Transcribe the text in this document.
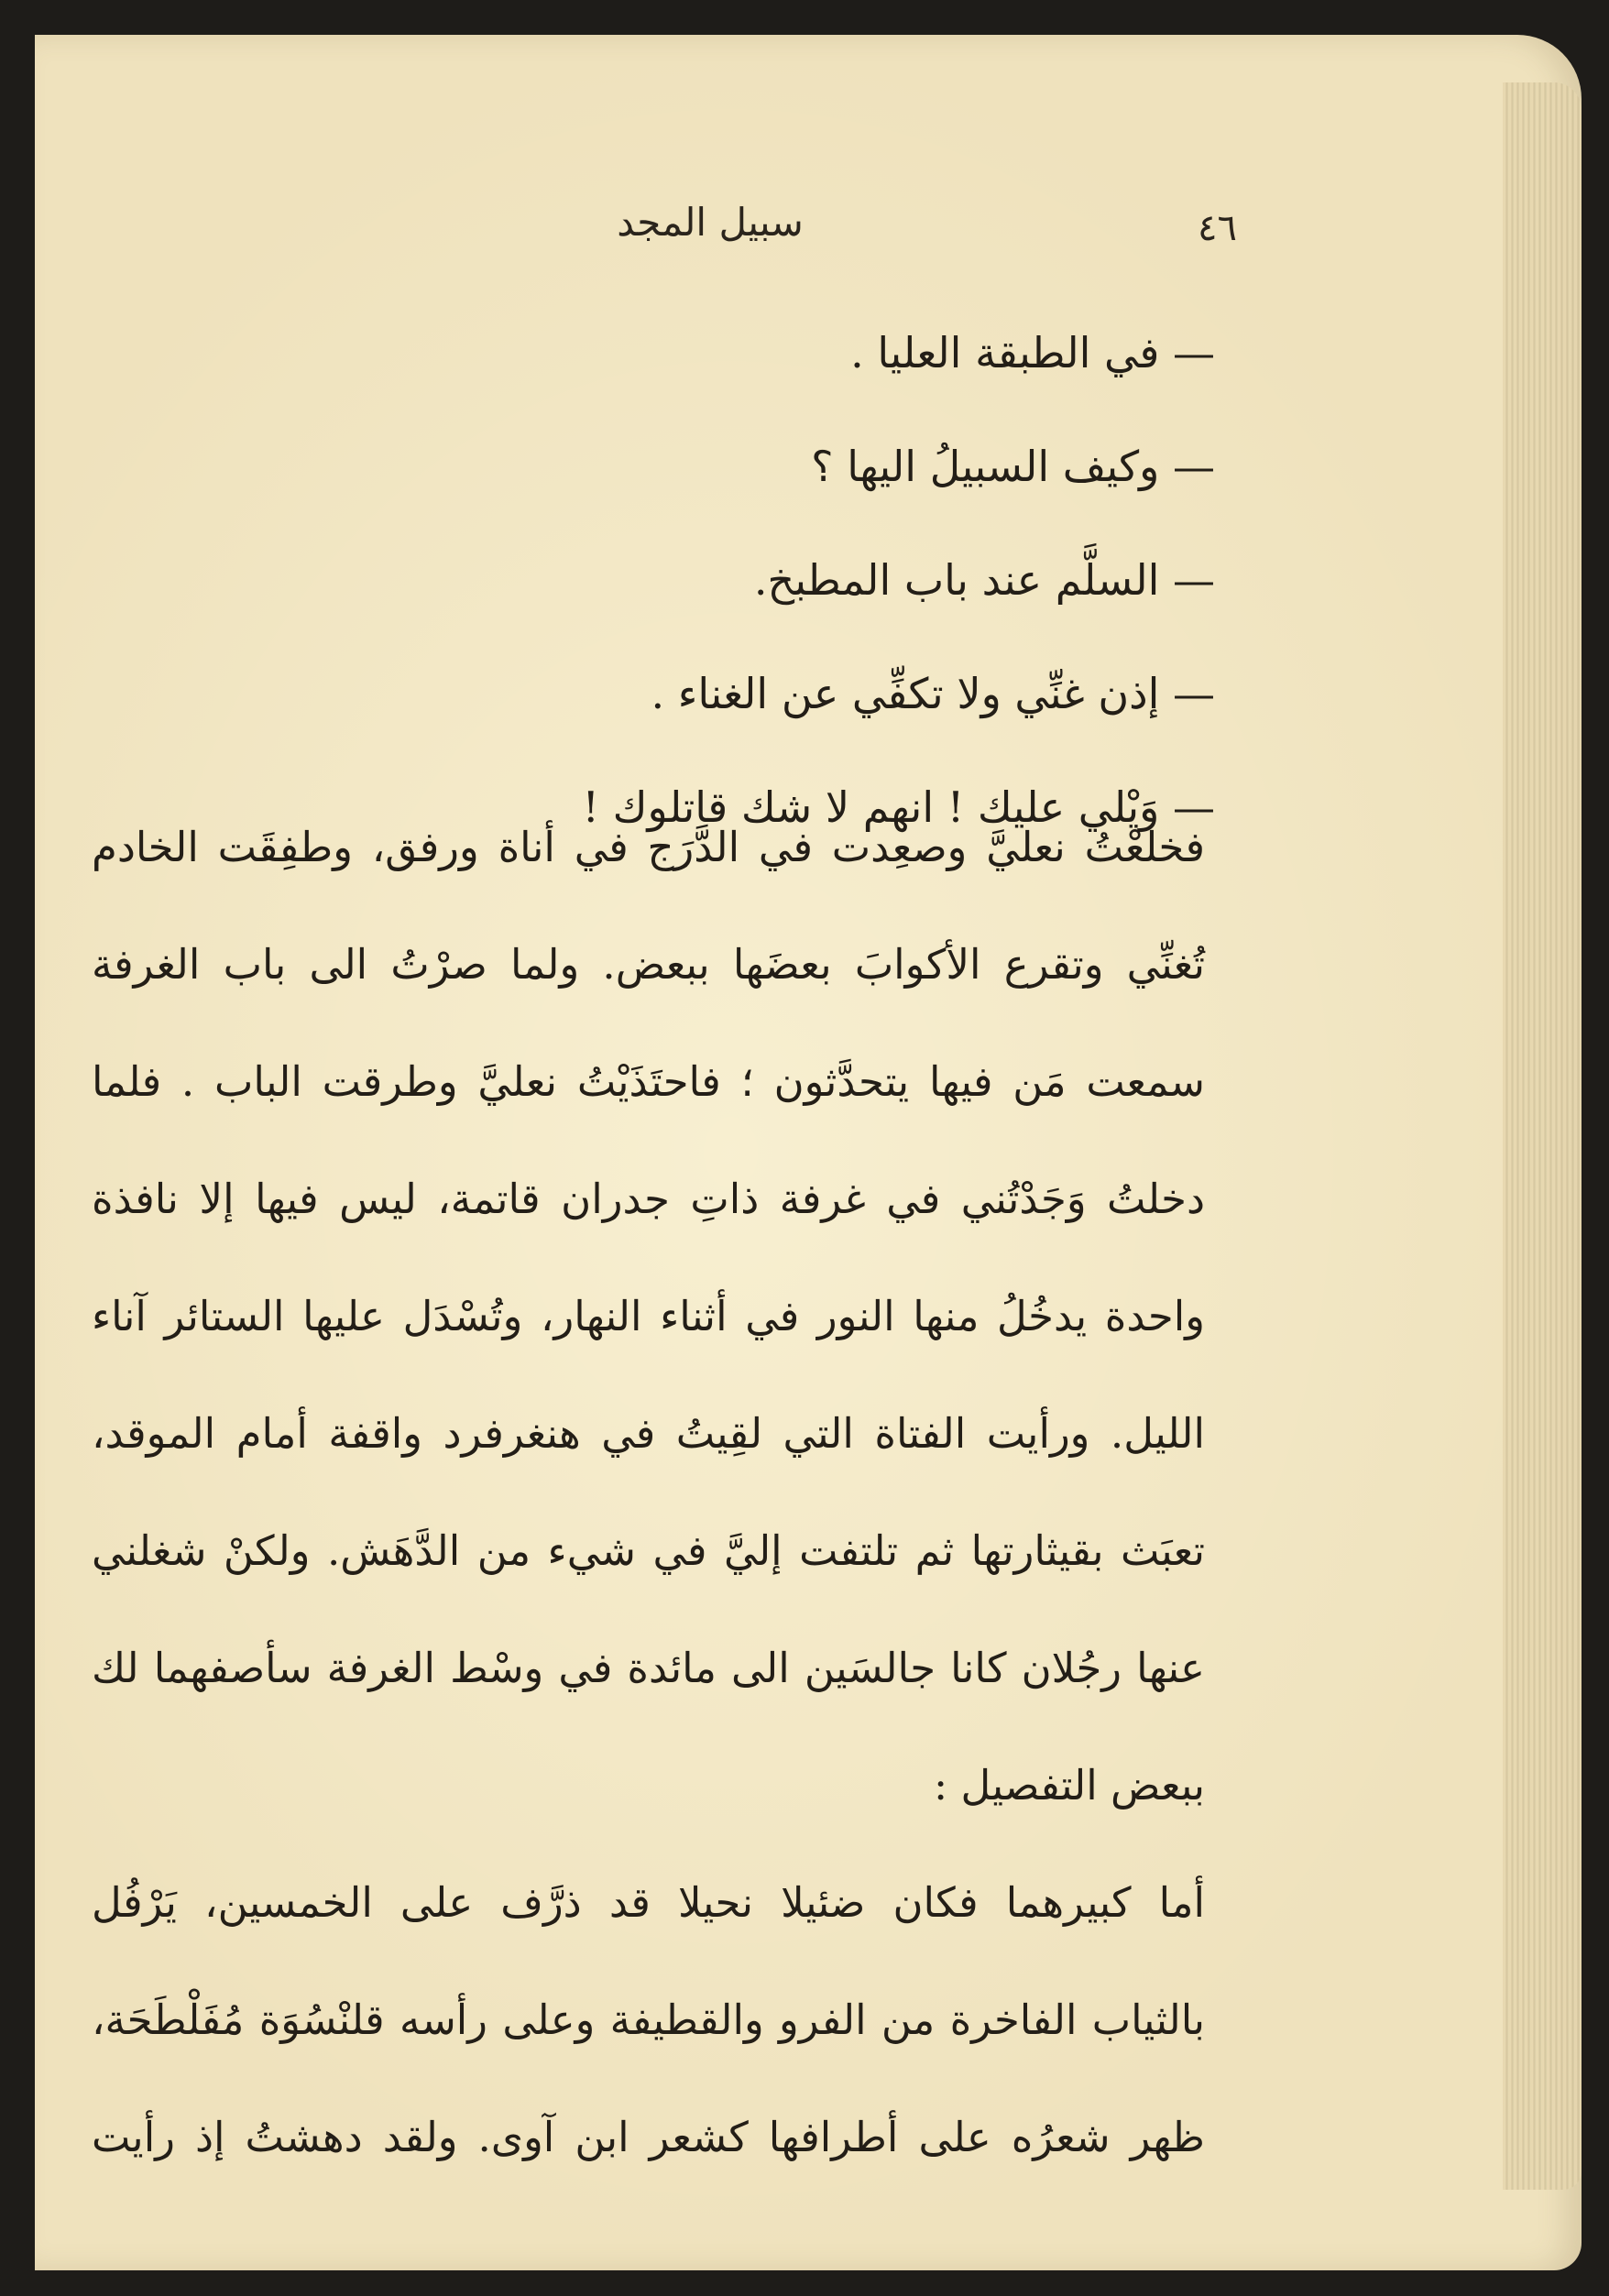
٤٦
سبيل المجد
— في الطبقة العليا .
— وكيف السبيلُ اليها ؟
— السلَّم عند باب المطبخ.
— إذن غنِّي ولا تكفِّي عن الغناء .
— وَيْلي عليك ! انهم لا شك قاتلوك !
فخلعْتُ نعليَّ وصعِدت في الدَّرَج في أناة ورفق، وطفِقَت الخادم
تُغنِّي وتقرع الأكوابَ بعضَها ببعض. ولما صرْتُ الى باب الغرفة
سمعت مَن فيها يتحدَّثون ؛ فاحتَذَيْتُ نعليَّ وطرقت الباب . فلما
دخلتُ وَجَدْتُني في غرفة ذاتِ جدران قاتمة، ليس فيها إلا نافذة
واحدة يدخُلُ منها النور في أثناء النهار، وتُسْدَل عليها الستائر آناء
الليل. ورأيت الفتاة التي لقِيتُ في هنغرفرد واقفة أمام الموقد،
تعبَث بقيثارتها ثم تلتفت إليَّ في شيء من الدَّهَش. ولكنْ شغلني
عنها رجُلان كانا جالسَين الى مائدة في وسْط الغرفة سأصفهما لك
ببعض التفصيل :
أما كبيرهما فكان ضئيلا نحيلا قد ذرَّف على الخمسين، يَرْفُل
بالثياب الفاخرة من الفرو والقطيفة وعلى رأسه قلنْسُوَة مُفَلْطَحَة،
ظهر شعرُه على أطرافها كشعر ابن آوى. ولقد دهشتُ إذ رأيت
